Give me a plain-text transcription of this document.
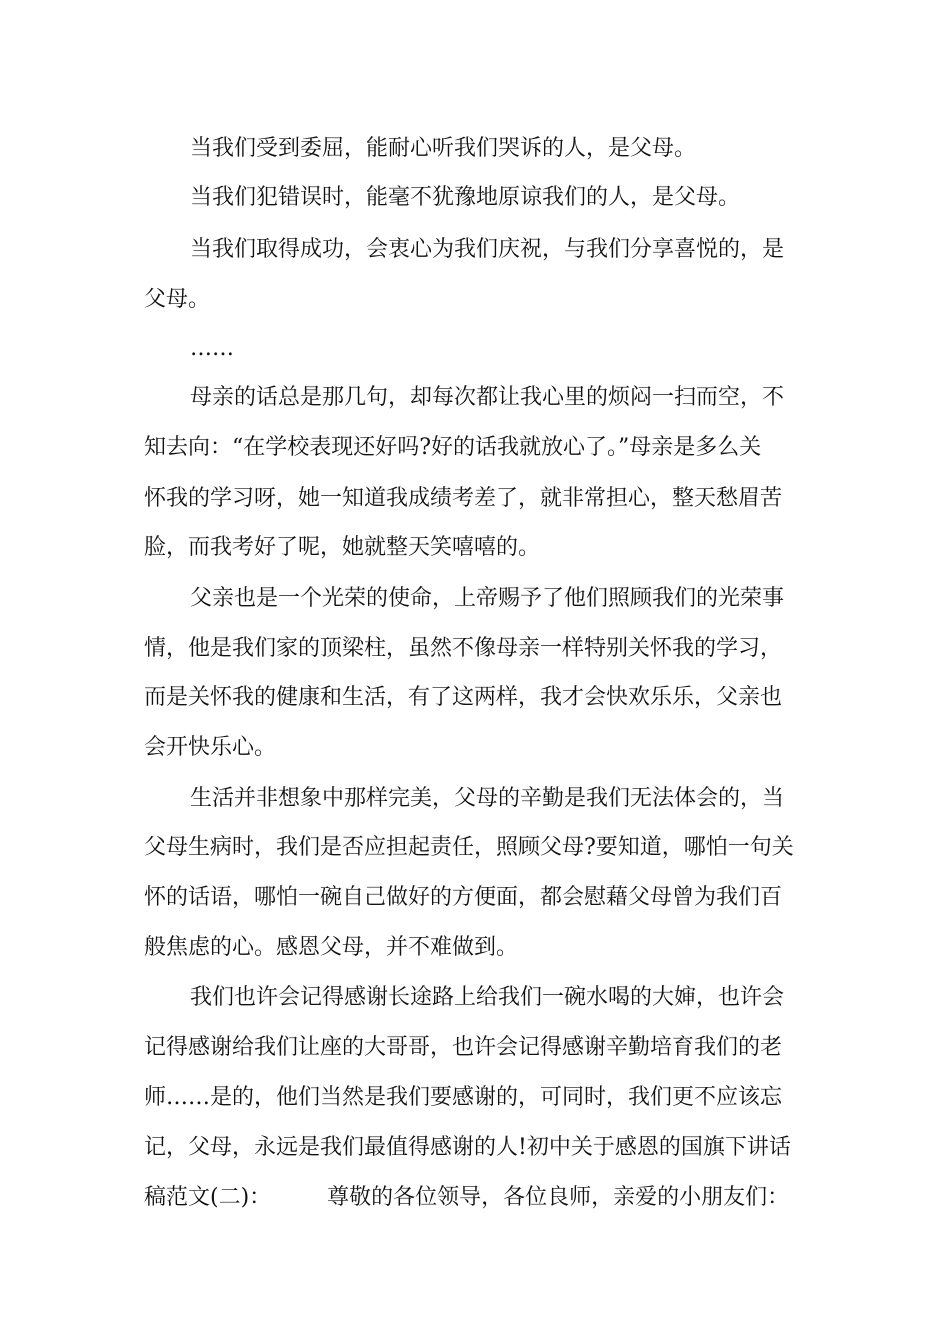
当我们受到委屈，能耐心听我们哭诉的人，是父母。
当我们犯错误时，能毫不犹豫地原谅我们的人，是父母。
当我们取得成功，会衷心为我们庆祝，与我们分享喜悦的，是
父母。
……
母亲的话总是那几句，却每次都让我心里的烦闷一扫而空，不
知去向：“在学校表现还好吗?好的话我就放心了。”母亲是多么关
怀我的学习呀，她一知道我成绩考差了，就非常担心，整天愁眉苦
脸，而我考好了呢，她就整天笑嘻嘻的。
父亲也是一个光荣的使命，上帝赐予了他们照顾我们的光荣事
情，他是我们家的顶梁柱，虽然不像母亲一样特别关怀我的学习，
而是关怀我的健康和生活，有了这两样，我才会快欢乐乐，父亲也
会开快乐心。
生活并非想象中那样完美，父母的辛勤是我们无法体会的，当
父母生病时，我们是否应担起责任，照顾父母?要知道，哪怕一句关
怀的话语，哪怕一碗自己做好的方便面，都会慰藉父母曾为我们百
般焦虑的心。感恩父母，并不难做到。
我们也许会记得感谢长途路上给我们一碗水喝的大婶，也许会
记得感谢给我们让座的大哥哥，也许会记得感谢辛勤培育我们的老
师……是的，他们当然是我们要感谢的，可同时，我们更不应该忘
记，父母，永远是我们最值得感谢的人!初中关于感恩的国旗下讲话
稿范文(二)：	尊敬的各位领导，各位良师，亲爱的小朋友们：
